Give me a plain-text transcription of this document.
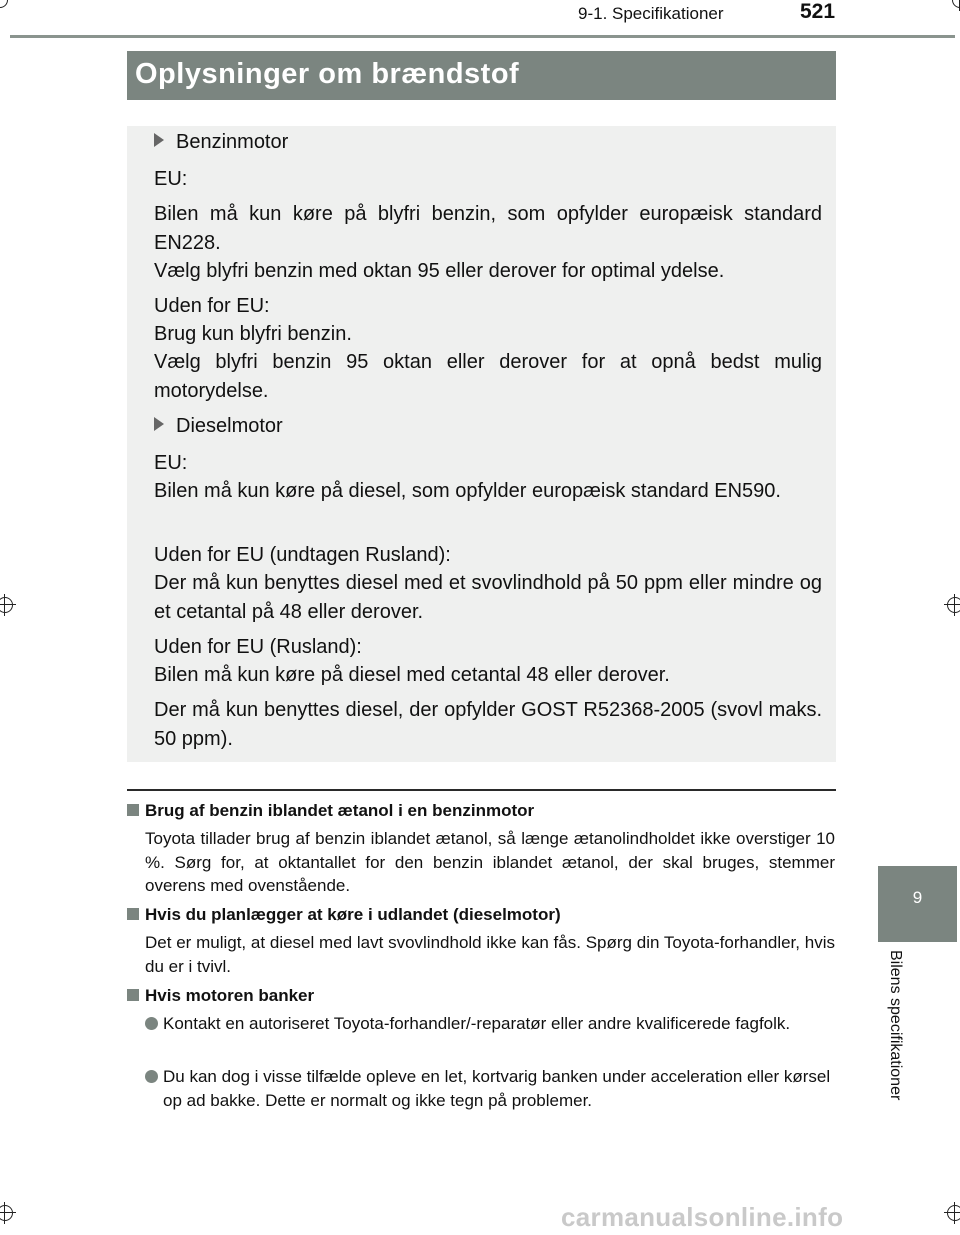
9-1. Specifikationer	521
Oplysninger om brændstof
Benzinmotor
EU:
Bilen må kun køre på blyfri benzin, som opfylder europæisk standard EN228.
Vælg blyfri benzin med oktan 95 eller derover for optimal ydelse.
Uden for EU:
Brug kun blyfri benzin.
Vælg blyfri benzin 95 oktan eller derover for at opnå bedst mulig motorydelse.
Dieselmotor
EU:
Bilen må kun køre på diesel, som opfylder europæisk standard EN590.
Uden for EU (undtagen Rusland):
Der må kun benyttes diesel med et svovlindhold på 50 ppm eller mindre og et cetantal på 48 eller derover.
Uden for EU (Rusland):
Bilen må kun køre på diesel med cetantal 48 eller derover.
Der må kun benyttes diesel, der opfylder GOST R52368-2005 (svovl maks. 50 ppm).
Brug af benzin iblandet ætanol i en benzinmotor
Toyota tillader brug af benzin iblandet ætanol, så længe ætanolindholdet ikke overstiger 10 %. Sørg for, at oktantallet for den benzin iblandet ætanol, der skal bruges, stemmer overens med ovenstående.
Hvis du planlægger at køre i udlandet (dieselmotor)
Det er muligt, at diesel med lavt svovlindhold ikke kan fås. Spørg din Toyota-forhandler, hvis du er i tvivl.
Hvis motoren banker
Kontakt en autoriseret Toyota-forhandler/-reparatør eller andre kvalificerede fagfolk.
Du kan dog i visse tilfælde opleve en let, kortvarig banken under acceleration eller kørsel op ad bakke. Dette er normalt og ikke tegn på problemer.
9
Bilens specifikationer
carmanualsonline.info
